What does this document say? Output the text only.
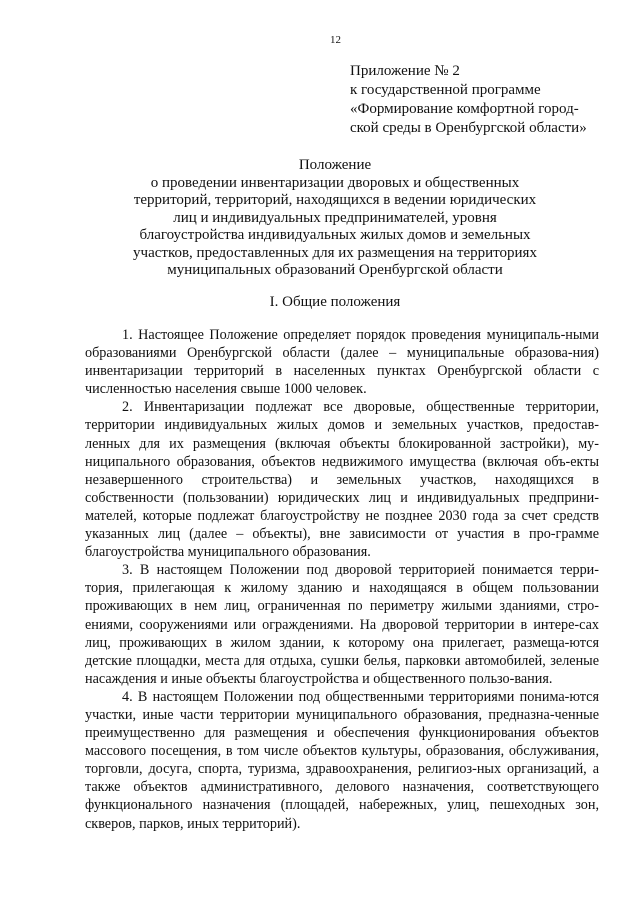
12
Приложение № 2
к государственной программе
«Формирование комфортной город-
ской среды в Оренбургской области»
Положение
о проведении инвентаризации дворовых и общественных
территорий, территорий, находящихся в ведении юридических
лиц и индивидуальных предпринимателей, уровня
благоустройства индивидуальных жилых домов и земельных
участков, предоставленных для их размещения на территориях
муниципальных образований Оренбургской области
I. Общие положения

1. Настоящее Положение определяет порядок проведения муниципаль-ными образованиями Оренбургской области (далее – муниципальные образова-ния) инвентаризации территорий в населенных пунктах Оренбургской области с численностью населения свыше 1000 человек.

2. Инвентаризации подлежат все дворовые, общественные территории, территории индивидуальных жилых домов и земельных участков, предостав-ленных для их размещения (включая объекты блокированной застройки), му-ниципального образования, объектов недвижимого имущества (включая объ-екты незавершенного строительства) и земельных участков, находящихся в собственности (пользовании) юридических лиц и индивидуальных предприни-мателей, которые подлежат благоустройству не позднее 2030 года за счет средств указанных лиц (далее – объекты), вне зависимости от участия в про-грамме благоустройства муниципального образования.

3. В настоящем Положении под дворовой территорией понимается терри-тория, прилегающая к жилому зданию и находящаяся в общем пользовании проживающих в нем лиц, ограниченная по периметру жилыми зданиями, стро-ениями, сооружениями или ограждениями. На дворовой территории в интере-сах лиц, проживающих в жилом здании, к которому она прилегает, размеща-ются детские площадки, места для отдыха, сушки белья, парковки автомобилей, зеленые насаждения и иные объекты благоустройства и общественного пользо-вания.

4. В настоящем Положении под общественными территориями понима-ются участки, иные части территории муниципального образования, предназна-ченные преимущественно для размещения и обеспечения функционирования объектов массового посещения, в том числе объектов культуры, образования, обслуживания, торговли, досуга, спорта, туризма, здравоохранения, религиоз-ных организаций, а также объектов административного, делового назначения, соответствующего функционального назначения (площадей, набережных, улиц, пешеходных зон, скверов, парков, иных территорий).
